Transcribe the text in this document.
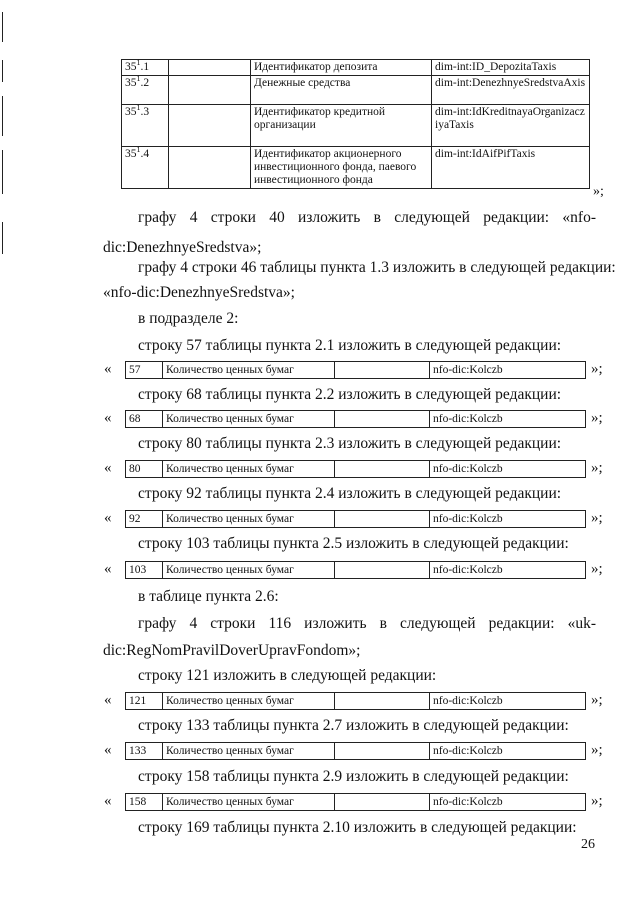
$35^1.1$		Идентификатор депозита	dim-int:ID_DepozitaTaxis
$35^1.2$		Денежные средства	dim-int:DenezhnyeSredstvaAxis
$35^1.3$		Идентификатор кредитной организации	dim-int:IdKreditnayaOrganizacziyaTaxis
$35^1.4$		Идентификатор акционерного инвестиционного фонда, паевого инвестиционного фонда	dim-int:IdAifPifTaxis
»;
графу 4 строки 40 изложить в следующей редакции: «nfo-
dic:DenezhnyeSredstva»;
графу 4 строки 46 таблицы пункта 1.3 изложить в следующей редакции:
«nfo-dic:DenezhnyeSredstva»;
в подразделе 2:
строку 57 таблицы пункта 2.1 изложить в следующей редакции:
« 57	Количество ценных бумаг		nfo-dic:Kolczb	»;
строку 68 таблицы пункта 2.2 изложить в следующей редакции:
« 68	Количество ценных бумаг		nfo-dic:Kolczb	»;
строку 80 таблицы пункта 2.3 изложить в следующей редакции:
« 80	Количество ценных бумаг		nfo-dic:Kolczb	»;
строку 92 таблицы пункта 2.4 изложить в следующей редакции:
« 92	Количество ценных бумаг		nfo-dic:Kolczb	»;
строку 103 таблицы пункта 2.5 изложить в следующей редакции:
« 103	Количество ценных бумаг		nfo-dic:Kolczb	»;
в таблице пункта 2.6:
графу 4 строки 116 изложить в следующей редакции: «uk-
dic:RegNomPravilDoverUpravFondom»;
строку 121 изложить в следующей редакции:
« 121	Количество ценных бумаг		nfo-dic:Kolczb	»;
строку 133 таблицы пункта 2.7 изложить в следующей редакции:
« 133	Количество ценных бумаг		nfo-dic:Kolczb	»;
строку 158 таблицы пункта 2.9 изложить в следующей редакции:
« 158	Количество ценных бумаг		nfo-dic:Kolczb	»;
строку 169 таблицы пункта 2.10 изложить в следующей редакции:
26
